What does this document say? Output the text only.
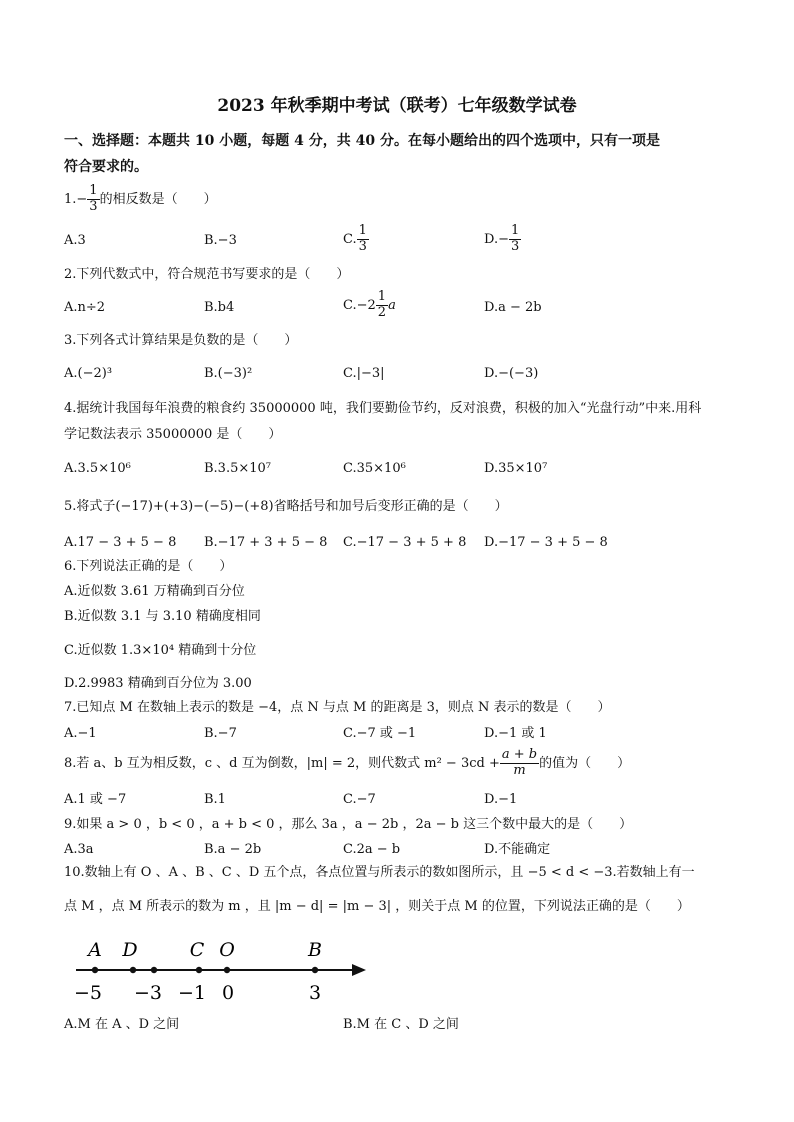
2023 年秋季期中考试（联考）七年级数学试卷
一、选择题：本题共 10 小题，每题 4 分，共 40 分。在每小题给出的四个选项中，只有一项是
符合要求的。
$1.- \frac{1}{3}$ 的相反数是（　　）
A.3	B.−3	C. $\frac{1}{3}$	$D.- \frac{1}{3}$
2.下列代数式中，符合规范书写要求的是（　　）
A.n÷2	B.b4	$C.-2 \frac{1}{2}$ a	D.a − 2b
3.下列各式计算结果是负数的是（　　）
A.(−2)³	B.(−3)²	C.|−3|	D.−(−3)
4.据统计我国每年浪费的粮食约 35000000 吨，我们要勤俭节约，反对浪费，积极的加入“光盘行动”中来.用科
学记数法表示 35000000 是（　　）
A.3.5×10⁶	B.3.5×10⁷	C.35×10⁶	D.35×10⁷
5.将式子(−17)+(+3)−(−5)−(+8)省略括号和加号后变形正确的是（　　）
A.17 − 3 + 5 − 8 B.−17 + 3 + 5 − 8 C.−17 − 3 + 5 + 8 D.−17 − 3 + 5 − 8
6.下列说法正确的是（　　）
A.近似数 3.61 万精确到百分位
B.近似数 3.1 与 3.10 精确度相同
C.近似数 1.3×10⁴ 精确到十分位
D.2.9983 精确到百分位为 3.00
7.已知点 M 在数轴上表示的数是 −4，点 N 与点 M 的距离是 3，则点 N 表示的数是（　　）
A.−1	B.−7	C.−7 或 −1	D.−1 或 1
8.若 a、b 互为相反数，c 、d 互为倒数，|m| = 2，则代数式 $m^2 - 3cd + \frac{a + b}{m}$ 的值为（　　）
A.1 或 −7	B.1	C.−7	D.−1
9.如果 a > 0 ，b < 0 ，a + b < 0 ，那么 3a ，a − 2b ，2a − b 这三个数中最大的是（　　）
A.3a	B.a − 2b	C.2a − b	D.不能确定
10.数轴上有 O 、A 、B 、C 、D 五个点，各点位置与所表示的数如图所示，且 −5 < d < −3.若数轴上有一
点 M ，点 M 所表示的数为 m ，且 |m − d| = |m − 3| ，则关于点 M 的位置，下列说法正确的是（　　）
A D	C O	B
−5 −3 −1 0	3
A.M 在 A 、D 之间	B.M 在 C 、D 之间
